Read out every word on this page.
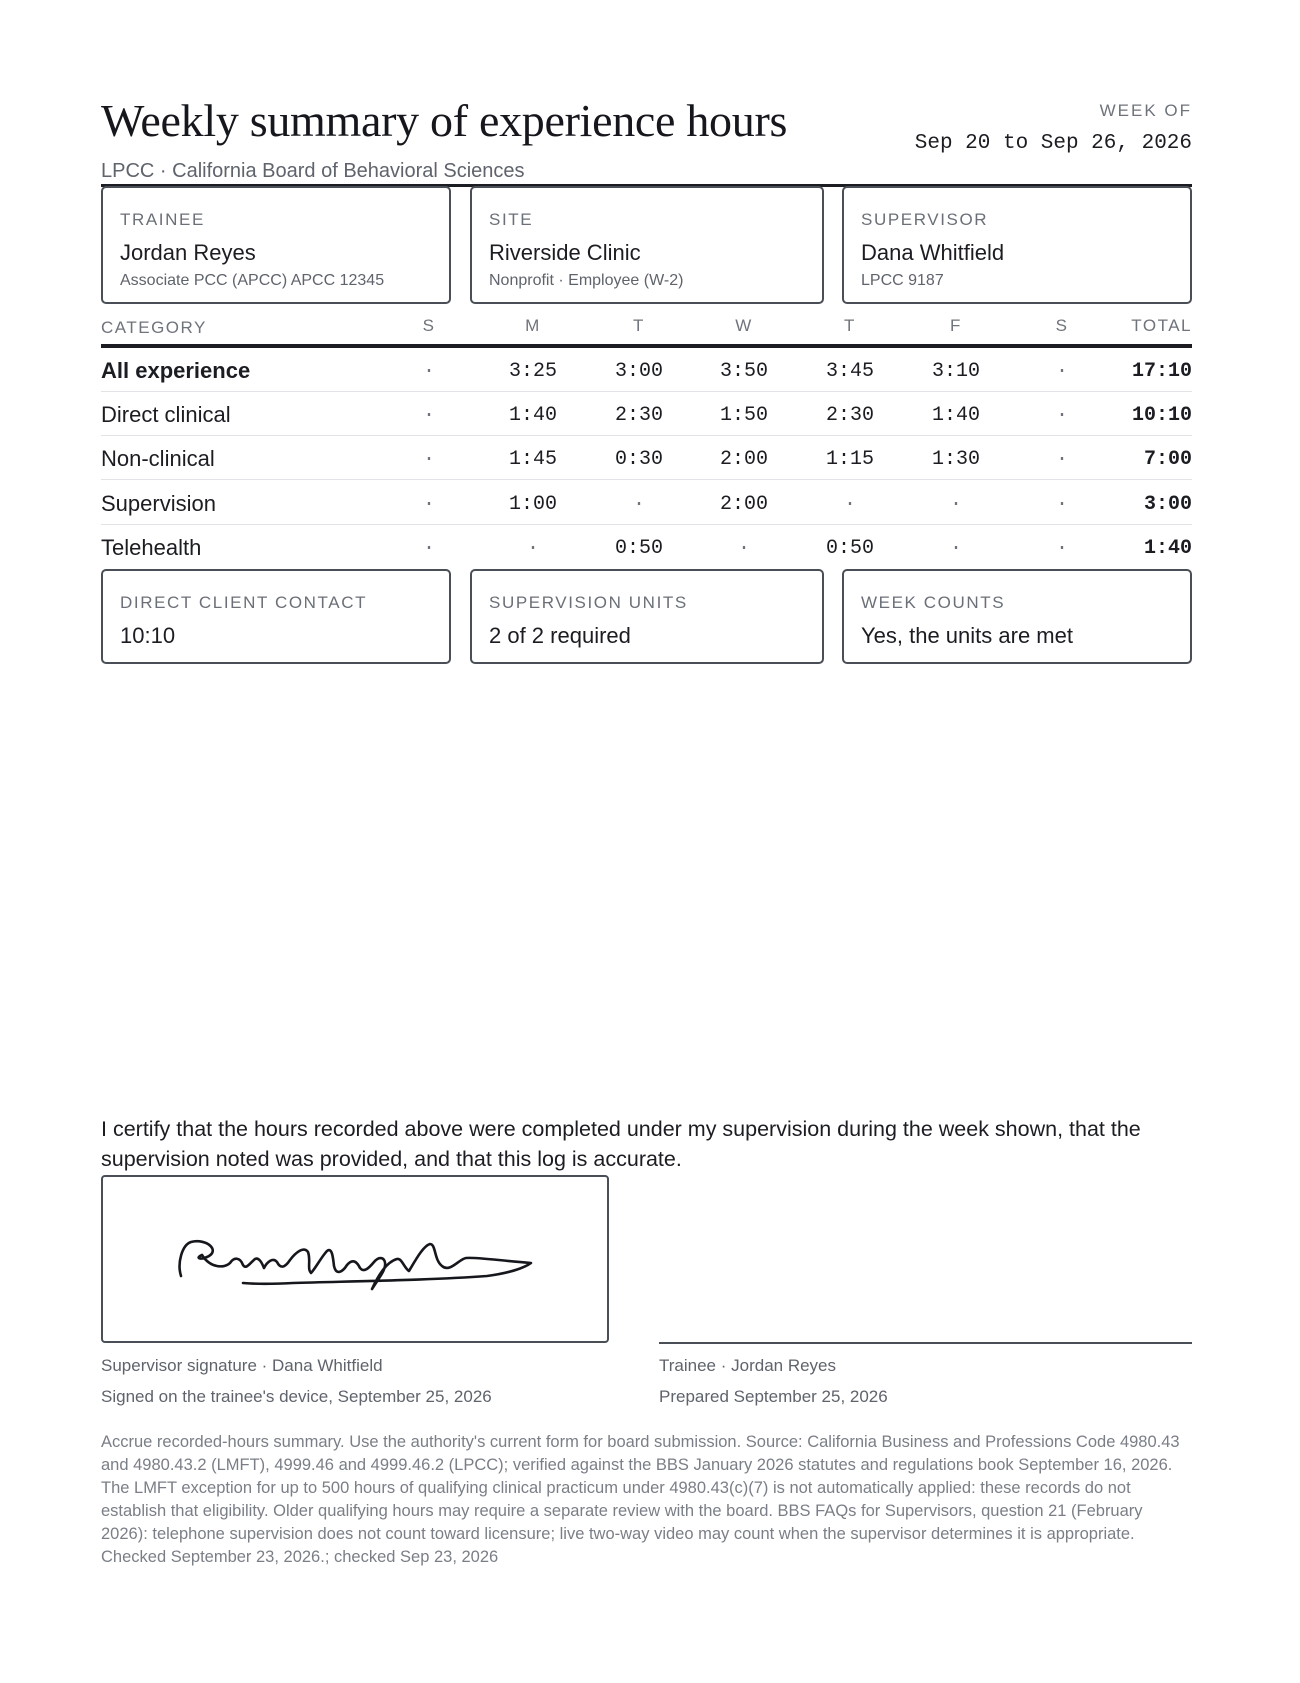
Weekly summary of experience hours	WEEK OF
Sep 20 to Sep 26, 2026
LPCC · California Board of Behavioral Sciences
TRAINEE
Jordan Reyes
Associate PCC (APCC) APCC 12345
SITE
Riverside Clinic
Nonprofit · Employee (W-2)
SUPERVISOR
Dana Whitfield
LPCC 9187
CATEGORY	S	M	T	W	T	F	S	TOTAL
All experience	·	3:25	3:00	3:50	3:45	3:10	·	17:10
Direct clinical	·	1:40	2:30	1:50	2:30	1:40	·	10:10
Non-clinical	·	1:45	0:30	2:00	1:15	1:30	·	7:00
Supervision	·	1:00	·	2:00	·	·	·	3:00
Telehealth	·	·	0:50	·	0:50	·	·	1:40
DIRECT CLIENT CONTACT
10:10
SUPERVISION UNITS
2 of 2 required
WEEK COUNTS
Yes, the units are met
I certify that the hours recorded above were completed under my supervision during the week shown, that the supervision noted was provided, and that this log is accurate.
Supervisor signature · Dana Whitfield
Signed on the trainee's device, September 25, 2026
Trainee · Jordan Reyes
Prepared September 25, 2026
Accrue recorded-hours summary. Use the authority's current form for board submission. Source: California Business and Professions Code 4980.43 and 4980.43.2 (LMFT), 4999.46 and 4999.46.2 (LPCC); verified against the BBS January 2026 statutes and regulations book September 16, 2026. The LMFT exception for up to 500 hours of qualifying clinical practicum under 4980.43(c)(7) is not automatically applied: these records do not establish that eligibility. Older qualifying hours may require a separate review with the board. BBS FAQs for Supervisors, question 21 (February 2026): telephone supervision does not count toward licensure; live two-way video may count when the supervisor determines it is appropriate. Checked September 23, 2026.; checked Sep 23, 2026
